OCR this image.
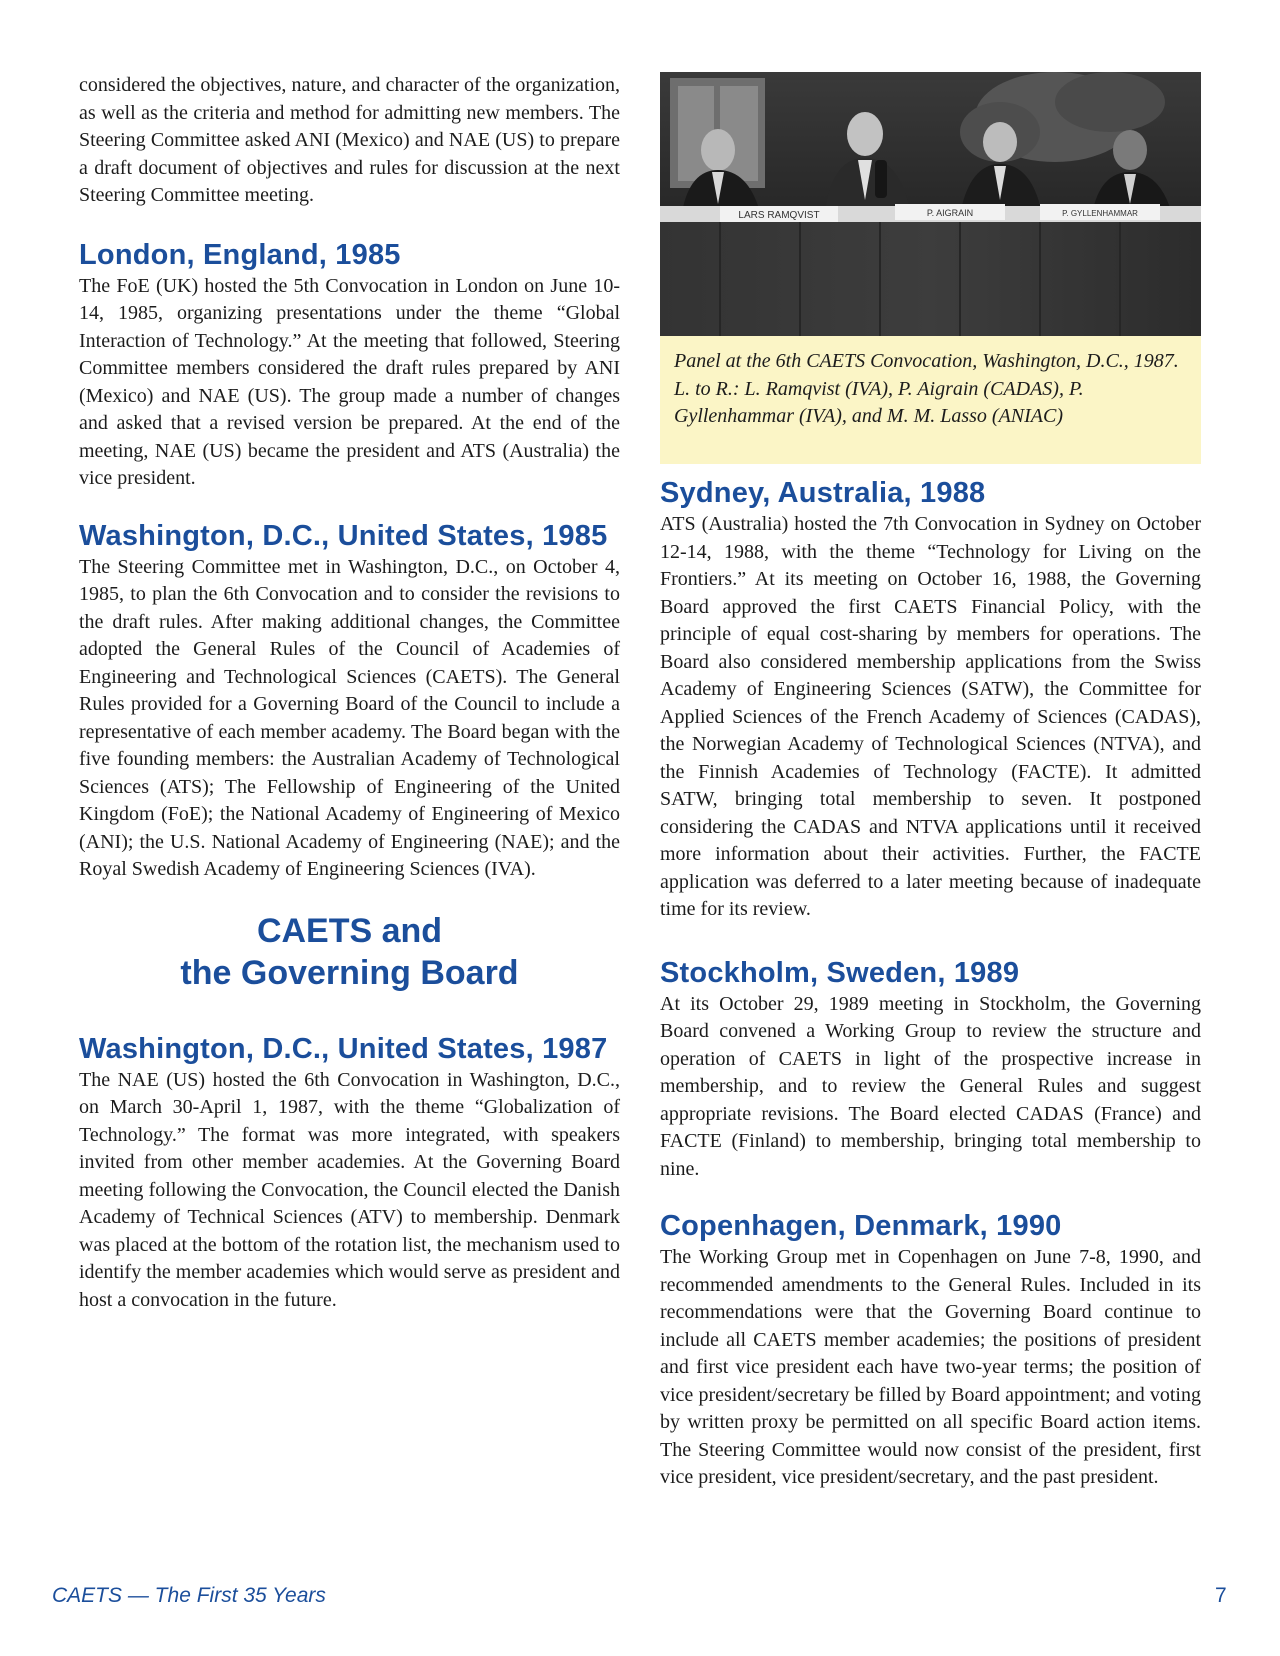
considered the objectives, nature, and character of the organization, as well as the criteria and method for admitting new members. The Steering Committee asked ANI (Mexico) and NAE (US) to prepare a draft document of objectives and rules for discussion at the next Steering Committee meeting.

London, England, 1985

The FoE (UK) hosted the 5th Convocation in London on June 10-14, 1985, organizing presentations under the theme “Global Interaction of Technology.” At the meeting that followed, Steering Committee members considered the draft rules prepared by ANI (Mexico) and NAE (US). The group made a number of changes and asked that a revised version be prepared. At the end of the meeting, NAE (US) became the president and ATS (Australia) the vice president.

Washington, D.C., United States, 1985

The Steering Committee met in Washington, D.C., on October 4, 1985, to plan the 6th Convocation and to consider the revisions to the draft rules. After making additional changes, the Committee adopted the General Rules of the Council of Academies of Engineering and Technological Sciences (CAETS). The General Rules provided for a Governing Board of the Council to include a representative of each member academy. The Board began with the five founding members: the Australian Academy of Technological Sciences (ATS); The Fellowship of Engineering of the United Kingdom (FoE); the National Academy of Engineering of Mexico (ANI); the U.S. National Academy of Engineering (NAE); and the Royal Swedish Academy of Engineering Sciences (IVA).

CAETS and
the Governing Board
Washington, D.C., United States, 1987

The NAE (US) hosted the 6th Convocation in Washington, D.C., on March 30-April 1, 1987, with the theme “Globalization of Technology.” The format was more integrated, with speakers invited from other member academies. At the Governing Board meeting following the Convocation, the Council elected the Danish Academy of Technical Sciences (ATV) to membership. Denmark was placed at the bottom of the rotation list, the mechanism used to identify the member academies which would serve as president and host a convocation in the future.

LARS RAMQVIST	P. AIGRAIN	P. GYLLENHAMMAR
Panel at the 6th CAETS Convocation, Washington, D.C., 1987. L. to R.: L. Ramqvist (IVA), P. Aigrain (CADAS), P. Gyllenhammar (IVA), and M. M. Lasso (ANIAC)
Sydney, Australia, 1988

ATS (Australia) hosted the 7th Convocation in Sydney on October 12-14, 1988, with the theme “Technology for Living on the Frontiers.” At its meeting on October 16, 1988, the Governing Board approved the first CAETS Financial Policy, with the principle of equal cost-sharing by members for operations. The Board also considered membership applications from the Swiss Academy of Engineering Sciences (SATW), the Committee for Applied Sciences of the French Academy of Sciences (CADAS), the Norwegian Academy of Technological Sciences (NTVA), and the Finnish Academies of Technology (FACTE). It admitted SATW, bringing total membership to seven. It postponed considering the CADAS and NTVA applications until it received more information about their activities. Further, the FACTE application was deferred to a later meeting because of inadequate time for its review.

Stockholm, Sweden, 1989

At its October 29, 1989 meeting in Stockholm, the Governing Board convened a Working Group to review the structure and operation of CAETS in light of the prospective increase in membership, and to review the General Rules and suggest appropriate revisions. The Board elected CADAS (France) and FACTE (Finland) to membership, bringing total membership to nine.

Copenhagen, Denmark, 1990

The Working Group met in Copenhagen on June 7-8, 1990, and recommended amendments to the General Rules. Included in its recommendations were that the Governing Board continue to include all CAETS member academies; the positions of president and first vice president each have two-year terms; the position of vice president/secretary be filled by Board appointment; and voting by written proxy be permitted on all specific Board action items. The Steering Committee would now consist of the president, first vice president, vice president/secretary, and the past president.

CAETS — The First 35 Years	7
